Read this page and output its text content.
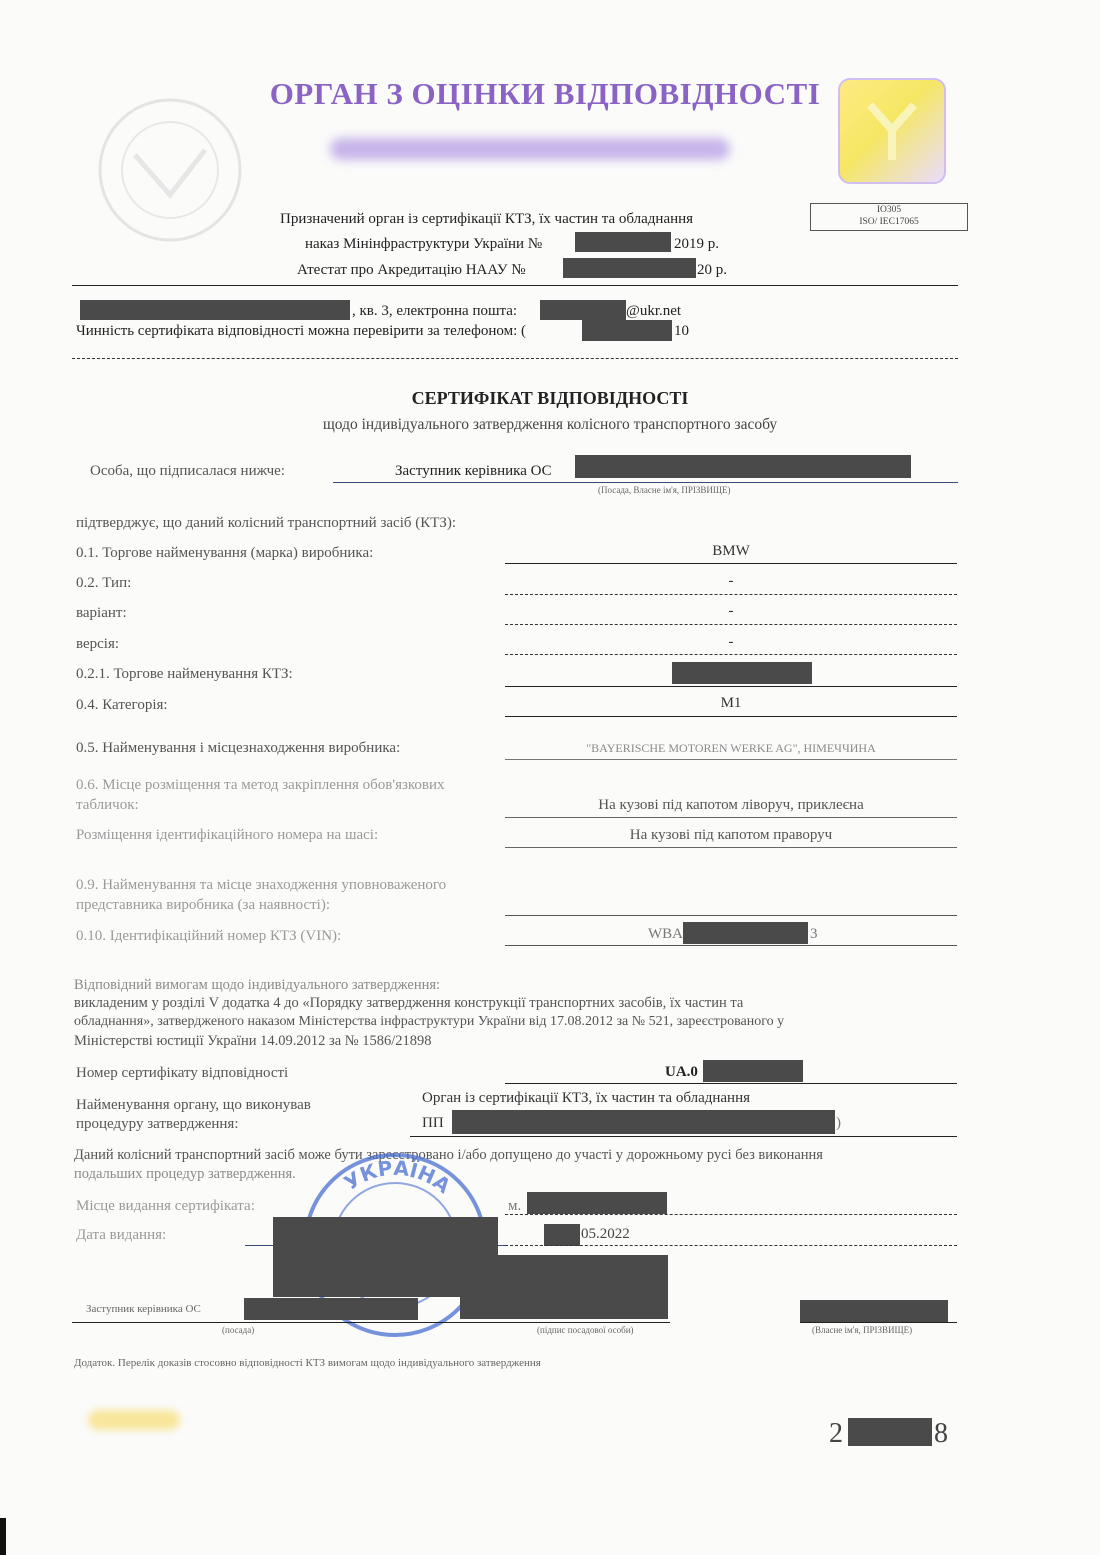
ОРГАН З ОЦІНКИ ВІДПОВІДНОСТІ
ІО305
ISO/ IEC17065
Призначений орган із сертифікації КТЗ, їх частин та обладнання
наказ Мінінфраструктури України №	2019 р.
Атестат про Акредитацію НААУ №	20 р.
, кв. 3, електронна пошта:	@ukr.net
Чинність сертифіката відповідності можна перевірити за телефоном: (	10
СЕРТИФІКАТ ВІДПОВІДНОСТІ
щодо індивідуального затвердження колісного транспортного засобу
Особа, що підписалася нижче:	Заступник керівника ОС
(Посада, Власне ім'я, ПРІЗВИЩЕ)
підтверджує, що даний колісний транспортний засіб (КТЗ):
0.1. Торгове найменування (марка) виробника:	BMW
0.2. Тип:	-
варіант:	-
версія:	-
0.2.1. Торгове найменування КТЗ:
0.4. Категорія:	M1
0.5. Найменування і місцезнаходження виробника:	"BAYERISCHE MOTOREN WERKE AG", НІМЕЧЧИНА
0.6. Місце розміщення та метод закріплення обов'язкових
табличок:	На кузові під капотом ліворуч, приклеєна
Розміщення ідентифікаційного номера на шасі:	На кузові під капотом праворуч
0.9. Найменування та місце знаходження уповноваженого
представника виробника (за наявності):
0.10. Ідентифікаційний номер КТЗ (VIN):	WBA	3
Відповідний вимогам щодо індивідуального затвердження:
викладеним у розділі V додатка 4 до «Порядку затвердження конструкції транспортних засобів, їх частин та
обладнання», затвердженого наказом Міністерства інфраструктури України від 17.08.2012 за № 521, зареєстрованого у
Міністерстві юстиції України 14.09.2012 за № 1586/21898
Номер сертифікату відповідності	UA.0
Найменування органу, що виконував
процедуру затвердження:
Орган із сертифікації КТЗ, їх частин та обладнання
ПП	)
Даний колісний транспортний засіб може бути зареєстровано і/або допущено до участі у дорожньому русі без виконання
подальших процедур затвердження.
Місце видання сертифіката:	м.
Дата видання:	05.2022
УКРАЇНА
Заступник керівника ОС
(посада)	(підпис посадової особи)	(Власне ім'я, ПРІЗВИЩЕ)
Додаток. Перелік доказів стосовно відповідності КТЗ вимогам щодо індивідуального затвердження
2	8
